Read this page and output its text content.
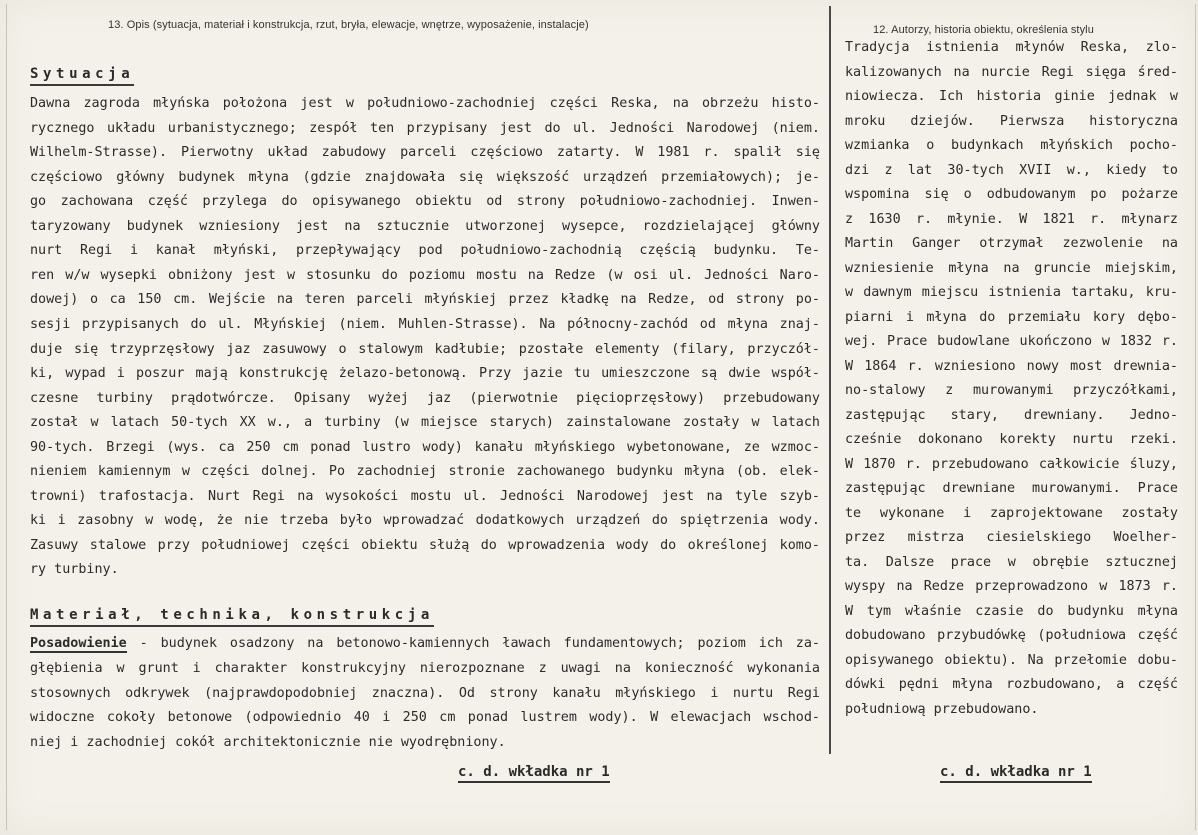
13. Opis (sytuacja, materiał i konstrukcja, rzut, bryła, elewacje, wnętrze, wyposażenie, instalacje)
Sytuacja
Dawna zagroda młyńska położona jest w południowo-zachodniej części Reska, na obrzeżu histo-
rycznego układu urbanistycznego; zespół ten przypisany jest do ul. Jedności Narodowej (niem.
Wilhelm-Strasse). Pierwotny układ zabudowy parceli częściowo zatarty. W 1981 r. spalił się
częściowo główny budynek młyna (gdzie znajdowała się większość urządzeń przemiałowych); je-
go zachowana część przylega do opisywanego obiektu od strony południowo-zachodniej. Inwen-
taryzowany budynek wzniesiony jest na sztucznie utworzonej wysepce, rozdzielającej główny
nurt Regi i kanał młyński, przepływający pod południowo-zachodnią częścią budynku. Te-
ren w/w wysepki obniżony jest w stosunku do poziomu mostu na Redze (w osi ul. Jedności Naro-
dowej) o ca 150 cm. Wejście na teren parceli młyńskiej przez kładkę na Redze, od strony po-
sesji przypisanych do ul. Młyńskiej (niem. Muhlen-Strasse). Na północny-zachód od młyna znaj-
duje się trzyprzęsłowy jaz zasuwowy o stalowym kadłubie; pzostałe elementy (filary, przyczół-
ki, wypad i poszur mają konstrukcję żelazo-betonową. Przy jazie tu umieszczone są dwie współ-
czesne turbiny prądotwórcze. Opisany wyżej jaz (pierwotnie pięcioprzęsłowy) przebudowany
został w latach 50-tych XX w., a turbiny (w miejsce starych) zainstalowane zostały w latach
90-tych. Brzegi (wys. ca 250 cm ponad lustro wody) kanału młyńskiego wybetonowane, ze wzmoc-
nieniem kamiennym w części dolnej. Po zachodniej stronie zachowanego budynku młyna (ob. elek-
trowni) trafostacja. Nurt Regi na wysokości mostu ul. Jedności Narodowej jest na tyle szyb-
ki i zasobny w wodę, że nie trzeba było wprowadzać dodatkowych urządzeń do spiętrzenia wody.
Zasuwy stalowe przy południowej części obiektu służą do wprowadzenia wody do określonej komo-
ry turbiny.
Materiał, technika, konstrukcja
Posadowienie - budynek osadzony na betonowo-kamiennych ławach fundamentowych; poziom ich za-
głębienia w grunt i charakter konstrukcyjny nierozpoznane z uwagi na konieczność wykonania
stosownych odkrywek (najprawdopodobniej znaczna). Od strony kanału młyńskiego i nurtu Regi
widoczne cokoły betonowe (odpowiednio 40 i 250 cm ponad lustrem wody). W elewacjach wschod-
niej i zachodniej cokół architektonicznie nie wyodrębniony.
c. d. wkładka nr 1
12. Autorzy, historia obiektu, określenia stylu
Tradycja istnienia młynów Reska, zlo-
kalizowanych na nurcie Regi sięga śred-
niowiecza. Ich historia ginie jednak w
mroku dziejów. Pierwsza historyczna
wzmianka o budynkach młyńskich pocho-
dzi z lat 30-tych XVII w., kiedy to
wspomina się o odbudowanym po pożarze
z 1630 r. młynie. W 1821 r. młynarz
Martin Ganger otrzymał zezwolenie na
wzniesienie młyna na gruncie miejskim,
w dawnym miejscu istnienia tartaku, kru-
piarni i młyna do przemiału kory dębo-
wej. Prace budowlane ukończono w 1832 r.
W 1864 r. wzniesiono nowy most drewnia-
no-stalowy z murowanymi przyczółkami,
zastępując stary, drewniany. Jedno-
cześnie dokonano korekty nurtu rzeki.
W 1870 r. przebudowano całkowicie śluzy,
zastępując drewniane murowanymi. Prace
te wykonane i zaprojektowane zostały
przez mistrza ciesielskiego Woelher-
ta. Dalsze prace w obrębie sztucznej
wyspy na Redze przeprowadzono w 1873 r.
W tym właśnie czasie do budynku młyna
dobudowano przybudówkę (południowa część
opisywanego obiektu). Na przełomie dobu-
dówki pędni młyna rozbudowano, a część
południową przebudowano.
c. d. wkładka nr 1
